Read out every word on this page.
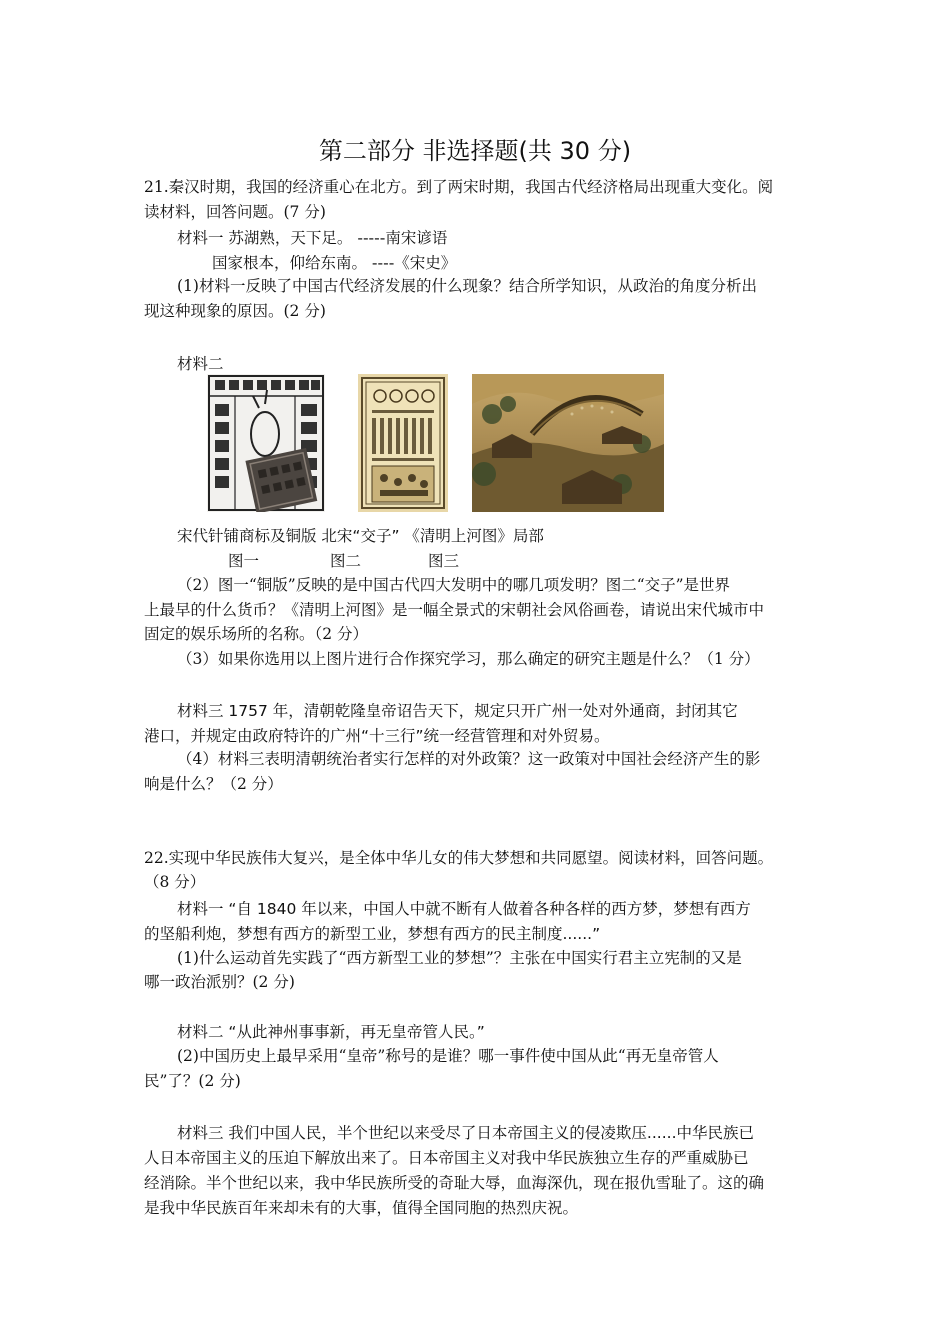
第二部分 非选择题(共 30 分)
21.秦汉时期，我国的经济重心在北方。到了两宋时期，我国古代经济格局出现重大变化。阅
读材料，回答问题。(7 分)
材料一 苏湖熟，天下足。 -----南宋谚语
国家根本，仰给东南。 ----《宋史》
(1)材料一反映了中国古代经济发展的什么现象？结合所学知识，从政治的角度分析出
现这种现象的原因。(2 分)
材料二
宋代针铺商标及铜版 北宋“交子” 《清明上河图》局部
图一	图二	图三
（2）图一“铜版”反映的是中国古代四大发明中的哪几项发明？图二“交子”是世界
上最早的什么货币？《清明上河图》是一幅全景式的宋朝社会风俗画卷，请说出宋代城市中
固定的娱乐场所的名称。（2 分）
（3）如果你选用以上图片进行合作探究学习，那么确定的研究主题是什么？（1 分）
材料三 1757 年，清朝乾隆皇帝诏告天下，规定只开广州一处对外通商，封闭其它
港口，并规定由政府特许的广州“十三行”统一经营管理和对外贸易。
（4）材料三表明清朝统治者实行怎样的对外政策？这一政策对中国社会经济产生的影
响是什么？（2 分）
22.实现中华民族伟大复兴，是全体中华儿女的伟大梦想和共同愿望。阅读材料，回答问题。
（8 分）
材料一 “自 1840 年以来，中国人中就不断有人做着各种各样的西方梦，梦想有西方
的坚船利炮，梦想有西方的新型工业，梦想有西方的民主制度......”
(1)什么运动首先实践了“西方新型工业的梦想”？主张在中国实行君主立宪制的又是
哪一政治派别？(2 分)
材料二 “从此神州事事新，再无皇帝管人民。”
(2)中国历史上最早采用“皇帝”称号的是谁？哪一事件使中国从此“再无皇帝管人
民”了？(2 分)
材料三 我们中国人民，半个世纪以来受尽了日本帝国主义的侵凌欺压......中华民族已
人日本帝国主义的压迫下解放出来了。日本帝国主义对我中华民族独立生存的严重威胁已
经消除。半个世纪以来，我中华民族所受的奇耻大辱，血海深仇，现在报仇雪耻了。这的确
是我中华民族百年来却未有的大事，值得全国同胞的热烈庆祝。
